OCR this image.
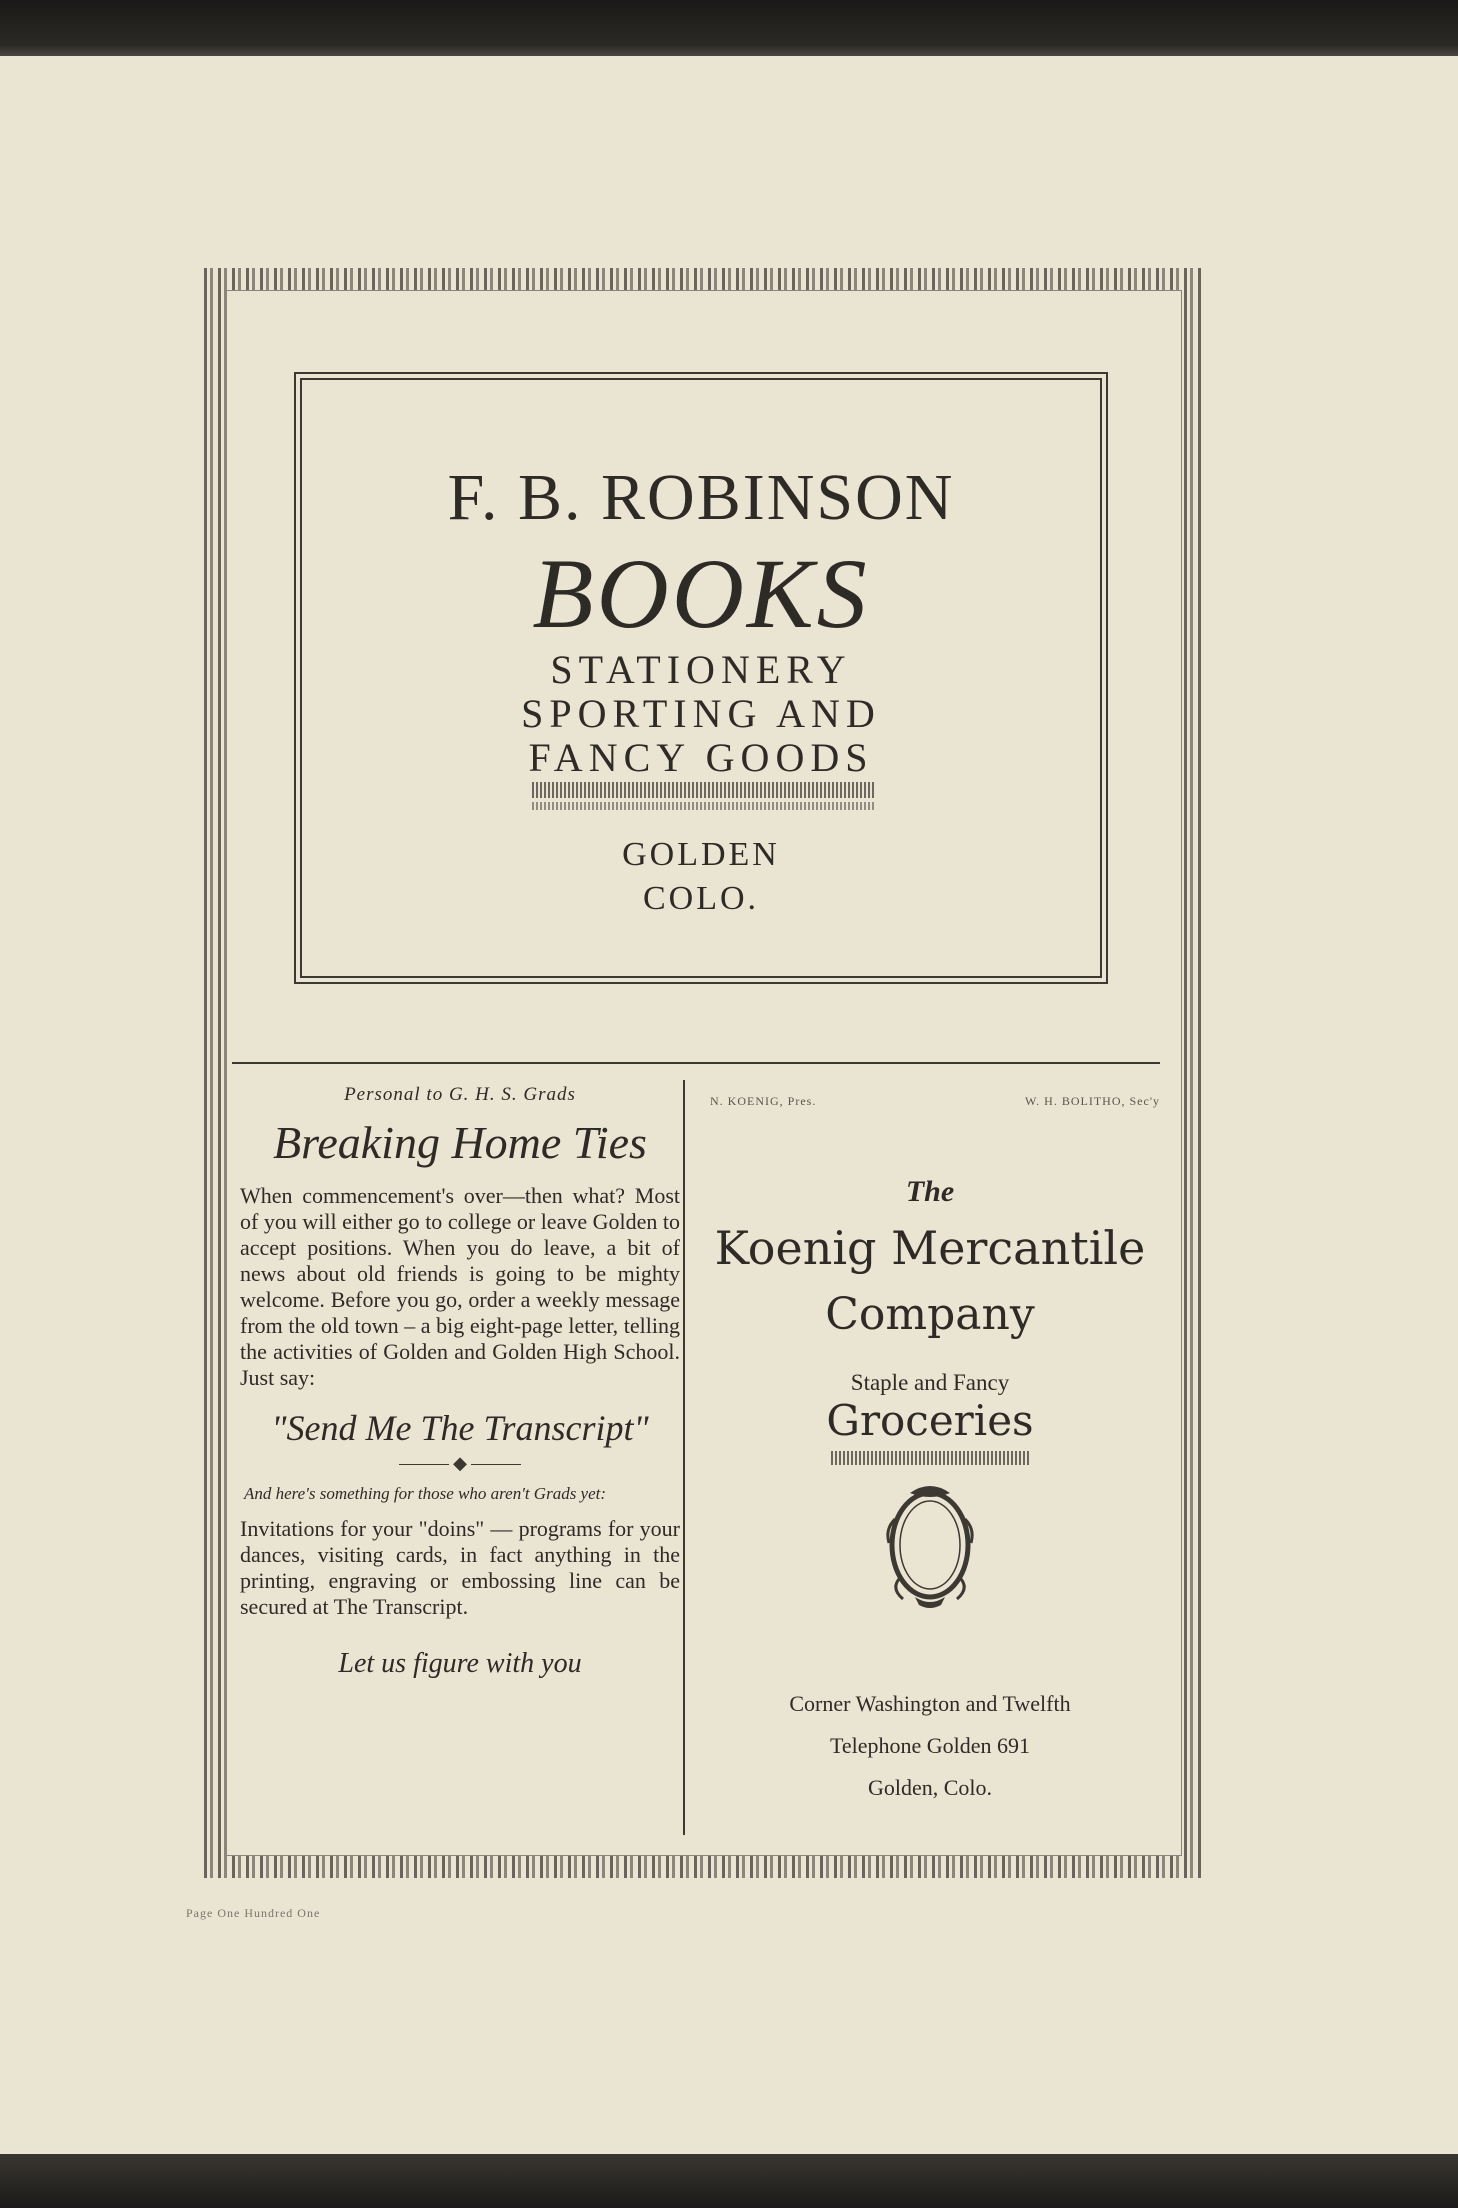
F. B. ROBINSON
BOOKS
STATIONERY
SPORTING AND
FANCY GOODS
GOLDEN
COLO.

Personal to G. H. S. Grads

Breaking Home Ties

When commencement's over—then what? Most of you will either go to college or leave Golden to accept positions. When you do leave, a bit of news about old friends is going to be mighty welcome. Before you go, order a weekly message from the old town – a big eight-page letter, telling the activities of Golden and Golden High School. Just say:

"Send Me The Transcript"

◆

And here's something for those who aren't Grads yet:

Invitations for your "doins" — programs for your dances, visiting cards, in fact anything in the printing, engraving or embossing line can be secured at The Transcript.

Let us figure with you

N. KOENIG, Pres.	W. H. BOLITHO, Sec'y

The

Koenig Mercantile

Company

Staple and Fancy

Groceries

Corner Washington and Twelfth

Telephone Golden 691

Golden, Colo.

Page One Hundred One
